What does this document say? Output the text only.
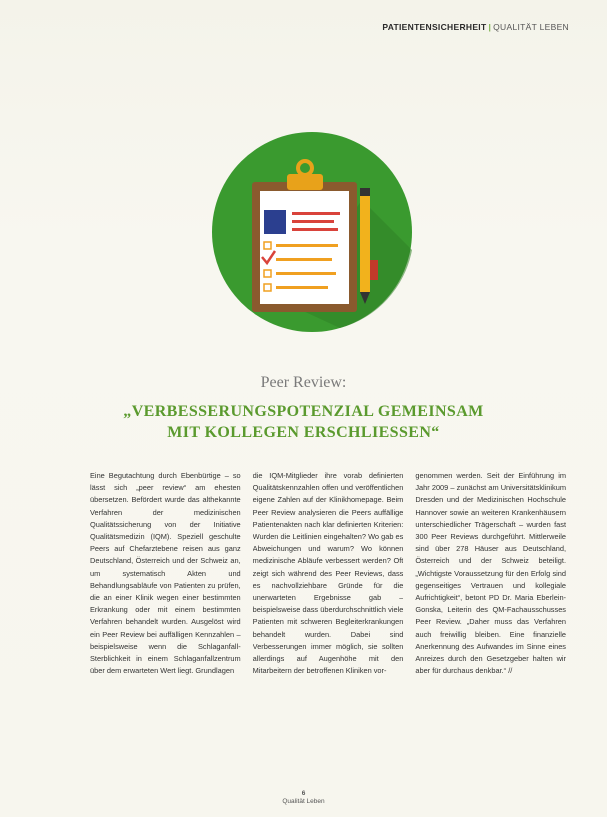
PATIENTENSICHERHEIT | QUALITÄT LEBEN
Peer Review:
„VERBESSERUNGSPOTENZIAL GEMEINSAM
MIT KOLLEGEN ERSCHLIESSEN“
Eine Begutachtung durch Ebenbürtige – so lässt sich „peer review“ am ehesten übersetzen. Befördert wurde das althekannte Verfahren der medizinischen Qualitätssicherung von der Initiative Qualitätsmedizin (IQM). Speziell geschulte Peers auf Chefarztebene reisen aus ganz Deutschland, Österreich und der Schweiz an, um systematisch Akten und Behandlungsabläufe von Patienten zu prüfen, die an einer Klinik wegen einer bestimmten Erkrankung oder mit einem bestimmten Verfahren behandelt wurden. Ausgelöst wird ein Peer Review bei auffälligen Kennzahlen – beispielsweise wenn die Schlaganfall-Sterblichkeit in einem Schlaganfallzentrum über dem erwarteten Wert liegt. Grundlagen
die IQM-Mitglieder ihre vorab definierten Qualitätskennzahlen offen und veröffentlichen eigene Zahlen auf der Klinikhomepage. Beim Peer Review analysieren die Peers auffällige Patientenakten nach klar definierten Kriterien: Wurden die Leitlinien eingehalten? Wo gab es Abweichungen und warum? Wo können medizinische Abläufe verbessert werden? Oft zeigt sich während des Peer Reviews, dass es nachvollziehbare Gründe für die unerwarteten Ergebnisse gab – beispielsweise dass überdurchschnittlich viele Patienten mit schweren Begleiterkrankungen behandelt wurden. Dabei sind Verbesserungen immer möglich, sie sollten allerdings auf Augenhöhe mit den Mitarbeitern der betroffenen Kliniken vor-
genommen werden. Seit der Einführung im Jahr 2009 – zunächst am Universitätsklinikum Dresden und der Medizinischen Hochschule Hannover sowie an weiteren Krankenhäusern unterschiedlicher Trägerschaft – wurden fast 300 Peer Reviews durchgeführt. Mittlerweile sind über 278 Häuser aus Deutschland, Österreich und der Schweiz beteiligt. „Wichtigste Voraussetzung für den Erfolg sind gegenseitiges Vertrauen und kollegiale Aufrichtigkeit“, betont PD Dr. Maria Eberlein-Gonska, Leiterin des QM-Fachausschusses Peer Review. „Daher muss das Verfahren auch freiwillig bleiben. Eine finanzielle Anerkennung des Aufwandes im Sinne eines Anreizes durch den Gesetzgeber halten wir aber für durchaus denkbar.“ //
6
Qualität Leben
